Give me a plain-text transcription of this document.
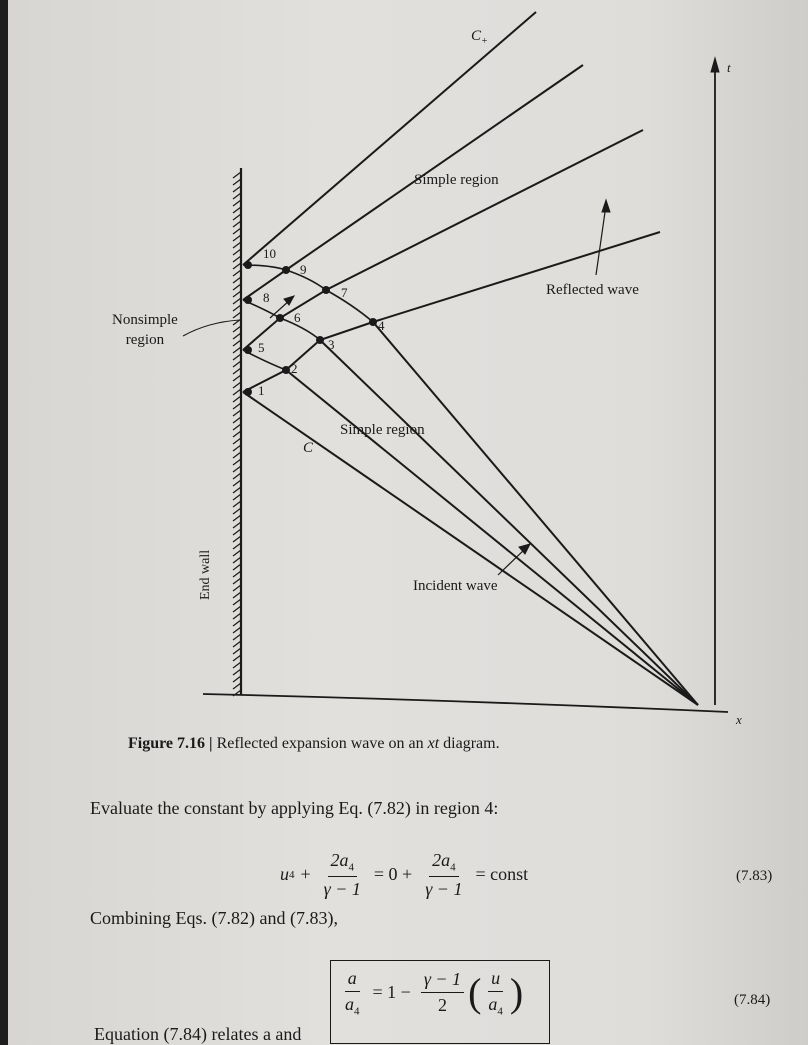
1
2
3
4
5
6
7
8
9
10
$C_+$
t
x
Simple region
Reflected wave
Nonsimple
region
Simple region
C
Incident wave
End wall
Figure 7.16 | Reflected expansion wave on an xt diagram.
Evaluate the constant by applying Eq. (7.82) in region 4:
u $4 + \frac{2a_4}{\gamma - 1} = 0 + \frac{2a_4}{\gamma - 1}$ = const	(7.83)
Combining Eqs. (7.82) and (7.83),
$\frac{a}{a_4} = 1 - \frac{\gamma - 1}{2}$ ( $\frac{u}{a_4}$ )	(7.84)
Equation (7.84) relates a and
